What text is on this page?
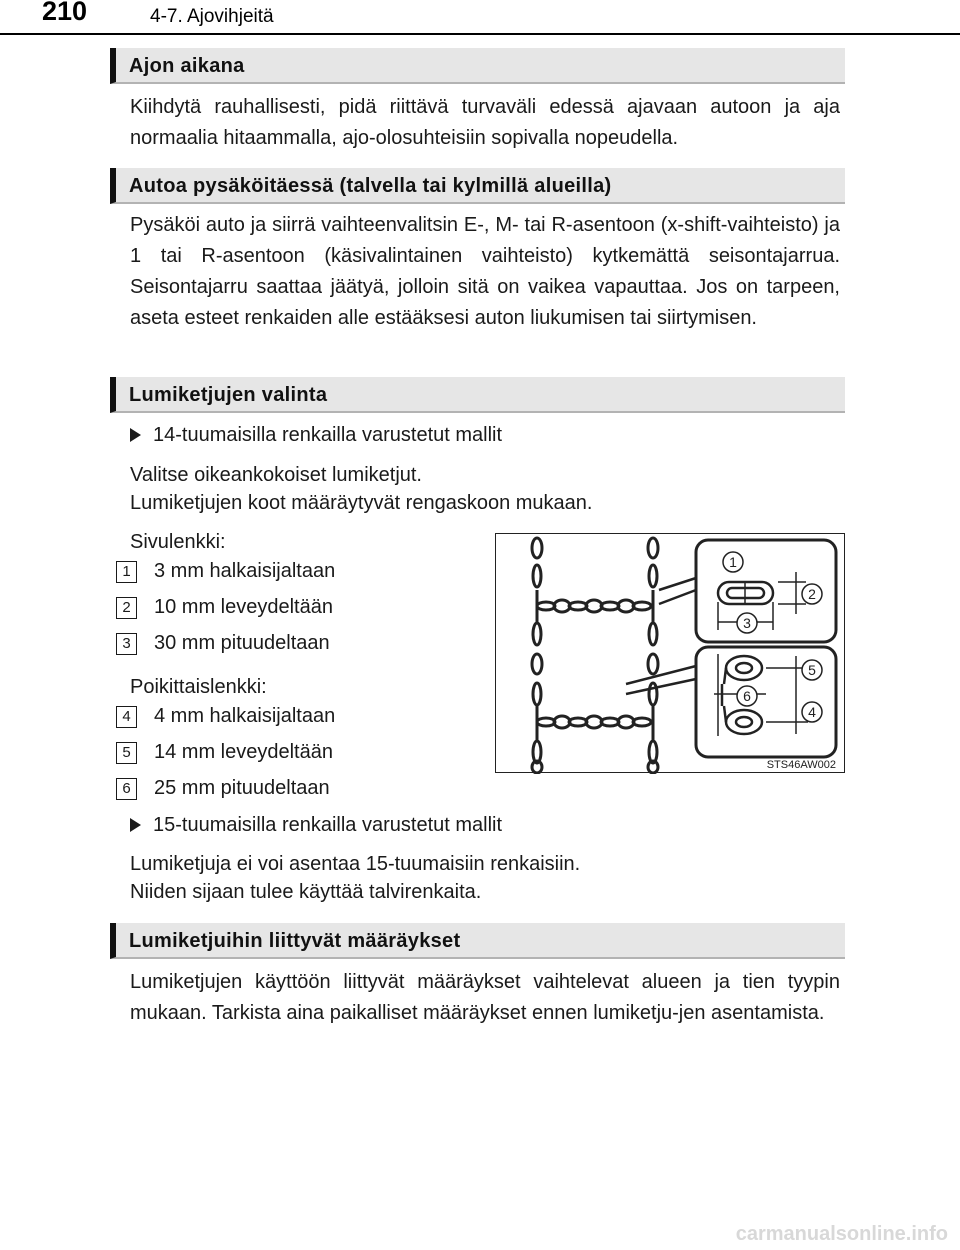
210	4-7. Ajovihjeitä
Ajon aikana
Kiihdytä rauhallisesti, pidä riittävä turvaväli edessä ajavaan autoon ja aja normaalia hitaammalla, ajo-olosuhteisiin sopivalla nopeudella.
Autoa pysäköitäessä (talvella tai kylmillä alueilla)
Pysäköi auto ja siirrä vaihteenvalitsin E-, M- tai R-asentoon (x-shift-vaihteisto) ja 1 tai R-asentoon (käsivalintainen vaihteisto) kytkemättä seisontajarrua. Seisontajarru saattaa jäätyä, jolloin sitä on vaikea vapauttaa. Jos on tarpeen, aseta esteet renkaiden alle estääksesi auton liukumisen tai siirtymisen.
Lumiketjujen valinta
14-tuumaisilla renkailla varustetut mallit
Valitse oikeankokoiset lumiketjut.
Lumiketjujen koot määräytyvät rengaskoon mukaan.
Sivulenkki:
1 3 mm halkaisijaltaan
2 10 mm leveydeltään
3 30 mm pituudeltaan
Poikittaislenkki:
4 4 mm halkaisijaltaan
5 14 mm leveydeltään
6 25 mm pituudeltaan
1
2
3
4
5
6
STS46AW002
15-tuumaisilla renkailla varustetut mallit
Lumiketjuja ei voi asentaa 15-tuumaisiin renkaisiin.
Niiden sijaan tulee käyttää talvirenkaita.
Lumiketjuihin liittyvät määräykset
Lumiketjujen käyttöön liittyvät määräykset vaihtelevat alueen ja tien tyypin mukaan. Tarkista aina paikalliset määräykset ennen lumiketju-jen asentamista.
carmanualsonline.info
